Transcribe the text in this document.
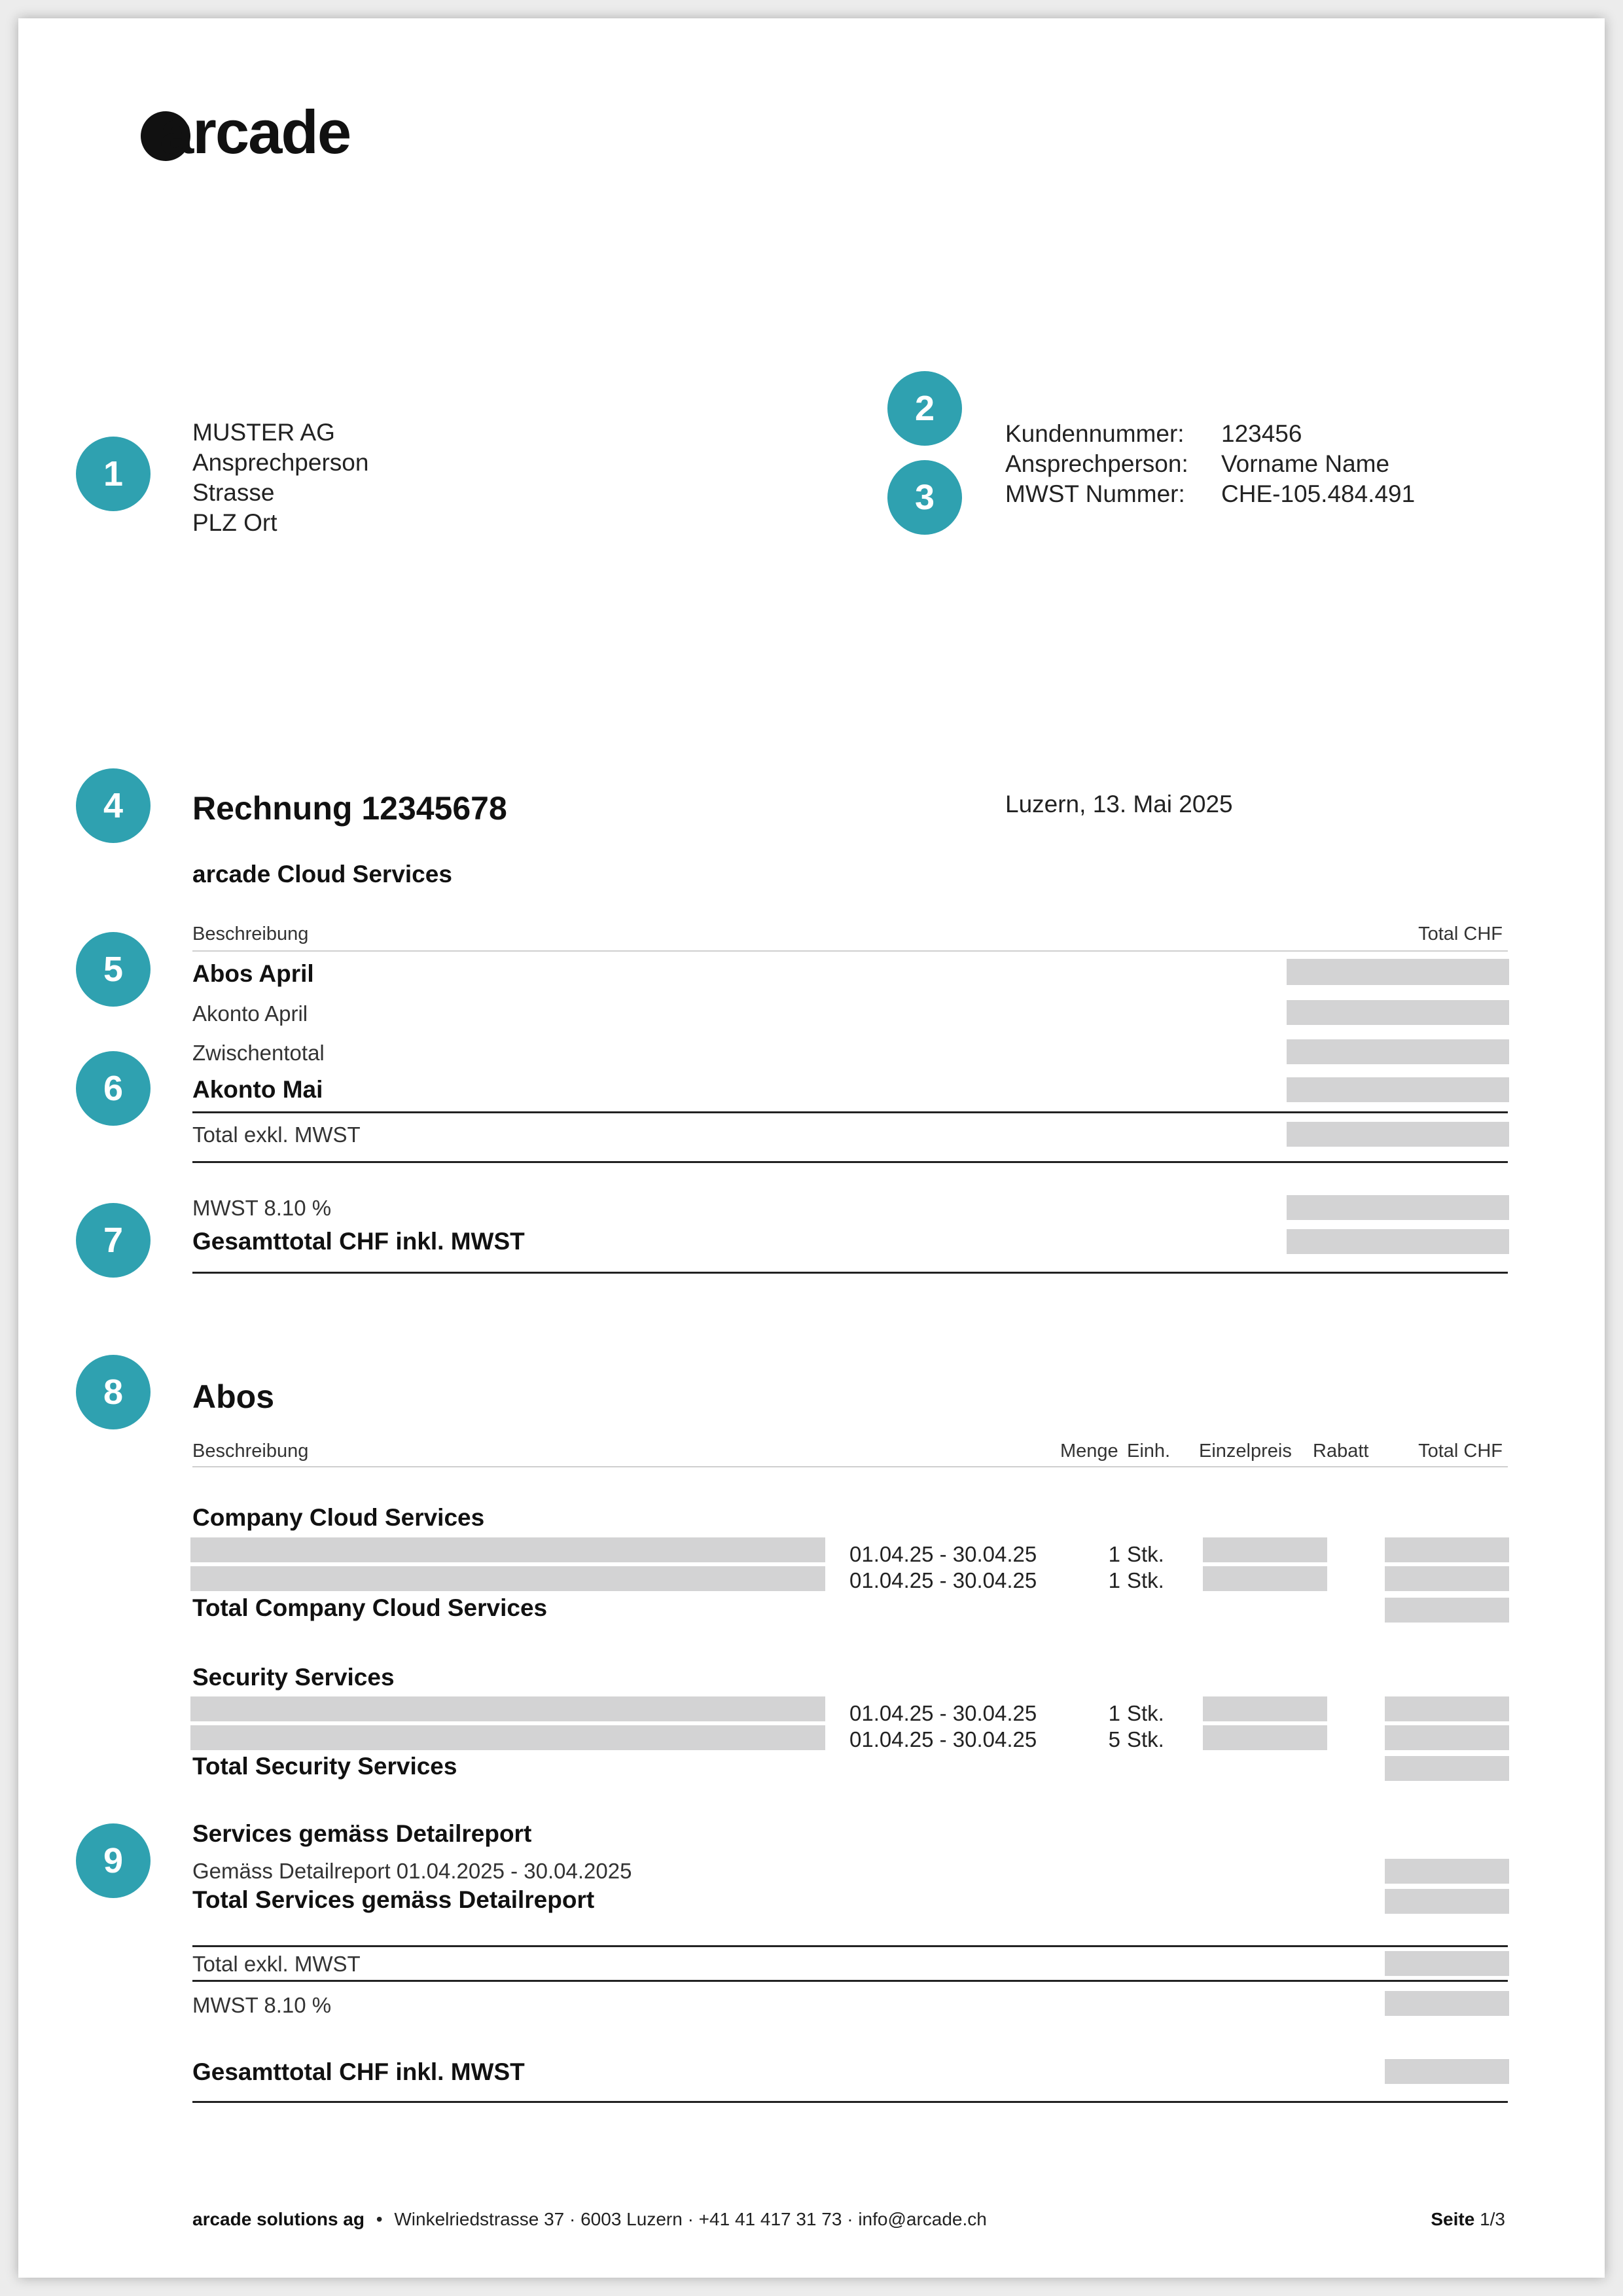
arcade
1
2
3
4
5
6
7
8
9
MUSTER AG
Ansprechperson
Strasse
PLZ Ort
Kundennummer: 123456
Ansprechperson: Vorname Name
MWST Nummer: CHE-105.484.491
Rechnung 12345678	Luzern, 13. Mai 2025
arcade Cloud Services
Beschreibung	Total CHF
Abos April
Akonto April
Zwischentotal
Akonto Mai
Total exkl. MWST
MWST 8.10 %
Gesamttotal CHF inkl. MWST
Abos
Beschreibung	Menge Einh. Einzelpreis Rabatt	Total CHF
Company Cloud Services
01.04.25 - 30.04.25	1 Stk.
01.04.25 - 30.04.25	1 Stk.
Total Company Cloud Services
Security Services
01.04.25 - 30.04.25	1 Stk.
01.04.25 - 30.04.25	5 Stk.
Total Security Services
Services gemäss Detailreport
Gemäss Detailreport 01.04.2025 - 30.04.2025
Total Services gemäss Detailreport
Total exkl. MWST
MWST 8.10 %
Gesamttotal CHF inkl. MWST
arcade solutions ag • Winkelriedstrasse 37 · 6003 Luzern · +41 41 417 31 73 · info@arcade.ch	Seite 1/3
